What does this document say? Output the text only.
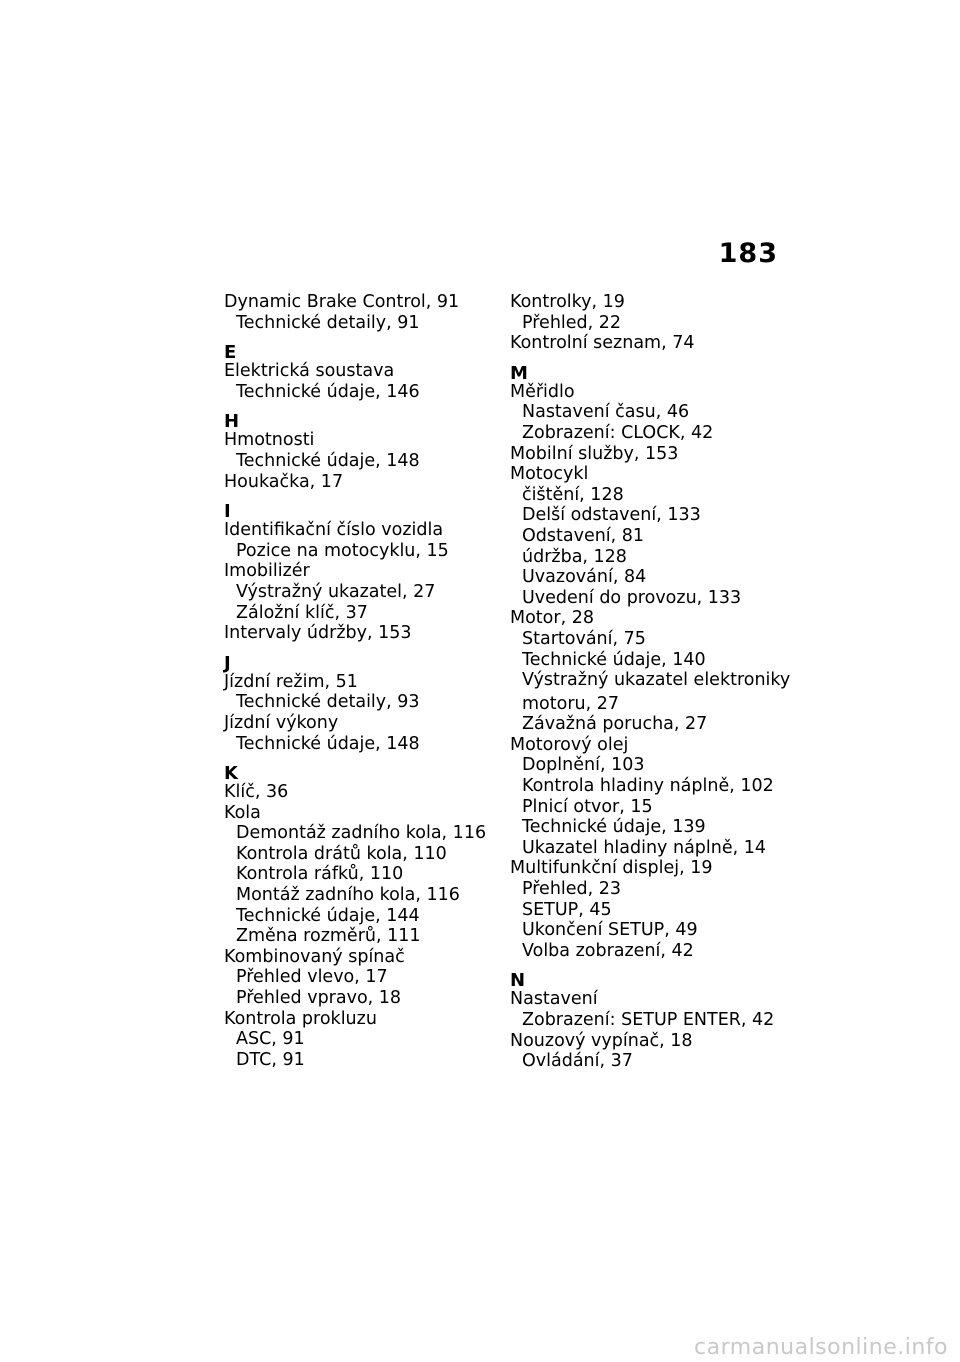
183
Dynamic Brake Control, 91
Technické detaily, 91
E
Elektrická soustava
Technické údaje, 146
H
Hmotnosti
Technické údaje, 148
Houkačka, 17
I
Identifikační číslo vozidla
Pozice na motocyklu, 15
Imobilizér
Výstražný ukazatel, 27
Záložní klíč, 37
Intervaly údržby, 153
J
Jízdní režim, 51
Technické detaily, 93
Jízdní výkony
Technické údaje, 148
K
Klíč, 36
Kola
Demontáž zadního kola, 116
Kontrola drátů kola, 110
Kontrola ráfků, 110
Montáž zadního kola, 116
Technické údaje, 144
Změna rozměrů, 111
Kombinovaný spínač
Přehled vlevo, 17
Přehled vpravo, 18
Kontrola prokluzu
ASC, 91
DTC, 91
Kontrolky, 19
Přehled, 22
Kontrolní seznam, 74
M
Měřidlo
Nastavení času, 46
Zobrazení: CLOCK, 42
Mobilní služby, 153
Motocykl
čištění, 128
Delší odstavení, 133
Odstavení, 81
údržba, 128
Uvazování, 84
Uvedení do provozu, 133
Motor, 28
Startování, 75
Technické údaje, 140
Výstražný ukazatel elektroniky
motoru, 27
Závažná porucha, 27
Motorový olej
Doplnění, 103
Kontrola hladiny náplně, 102
Plnicí otvor, 15
Technické údaje, 139
Ukazatel hladiny náplně, 14
Multifunkční displej, 19
Přehled, 23
SETUP, 45
Ukončení SETUP, 49
Volba zobrazení, 42
N
Nastavení
Zobrazení: SETUP ENTER, 42
Nouzový vypínač, 18
Ovládání, 37
carmanualsonline.info
